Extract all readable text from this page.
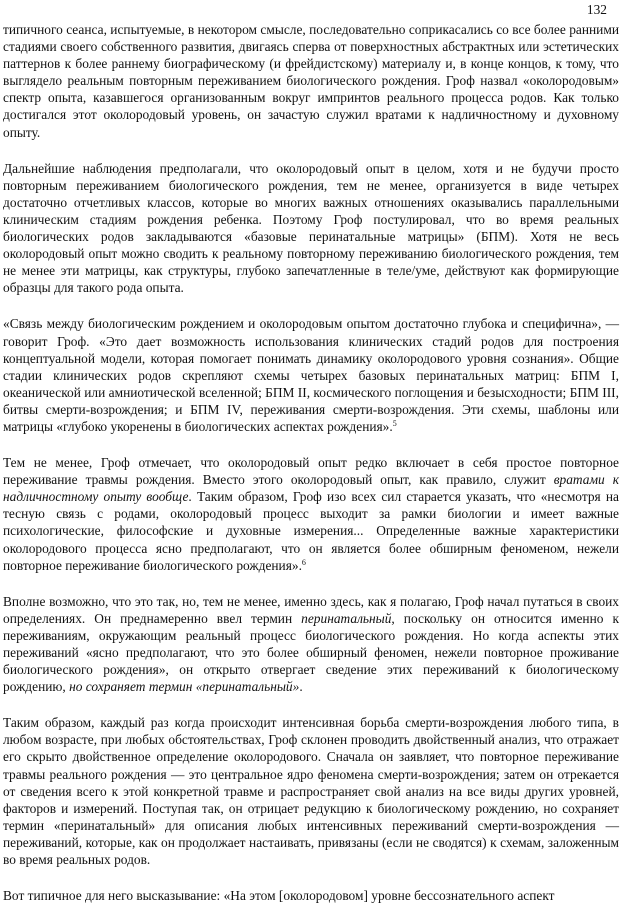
132

типичного сеанса, испытуемые, в некотором смысле, последовательно соприкасались со все более ранними стадиями своего собственного развития, двигаясь сперва от поверхностных абстрактных или эстетических паттернов к более раннему биографическому (и фрейдистскому) материалу и, в конце концов, к тому, что выглядело реальным повторным переживанием биологического рождения. Гроф назвал «околородовым» спектр опыта, казавшегося организованным вокруг импринтов реального процесса родов. Как только достигался этот околородовый уровень, он зачастую служил вратами к надличностному и духовному опыту.

Дальнейшие наблюдения предполагали, что околородовый опыт в целом, хотя и не будучи просто повторным переживанием биологического рождения, тем не менее, организуется в виде четырех достаточно отчетливых классов, которые во многих важных отношениях оказывались параллельными клиническим стадиям рождения ребенка. Поэтому Гроф постулировал, что во время реальных биологических родов закладываются «базовые перинатальные матрицы» (БПМ). Хотя не весь околородовый опыт можно сводить к реальному повторному переживанию биологического рождения, тем не менее эти матрицы, как структуры, глубоко запечатленные в теле/уме, действуют как формирующие образцы для такого рода опыта.

«Связь между биологическим рождением и околородовым опытом достаточно глубока и специфична», — говорит Гроф. «Это дает возможность использования клинических стадий родов для построения концептуальной модели, которая помогает понимать динамику околородового уровня сознания». Общие стадии клинических родов скрепляют схемы четырех базовых перинатальных матриц: БПМ I, океанической или амниотической вселенной; БПМ II, космического поглощения и безысходности; БПМ III, битвы смерти-возрождения; и БПМ IV, переживания смерти-возрождения. Эти схемы, шаблоны или матрицы «глубоко укоренены в биологических аспектах рождения».$^5$

Тем не менее, Гроф отмечает, что околородовый опыт редко включает в себя простое повторное переживание травмы рождения. Вместо этого околородовый опыт, как правило, служит вратами к надличностному опыту вообще. Таким образом, Гроф изо всех сил старается указать, что «несмотря на тесную связь с родами, околородовый процесс выходит за рамки биологии и имеет важные психологические, философские и духовные измерения... Определенные важные характеристики околородового процесса ясно предполагают, что он является более обширным феноменом, нежели повторное переживание биологического рождения».$^6$

Вполне возможно, что это так, но, тем не менее, именно здесь, как я полагаю, Гроф начал путаться в своих определениях. Он преднамеренно ввел термин перинатальный, поскольку он относится именно к переживаниям, окружающим реальный процесс биологического рождения. Но когда аспекты этих переживаний «ясно предполагают, что это более обширный феномен, нежели повторное проживание биологического рождения», он открыто отвергает сведение этих переживаний к биологическому рождению, но сохраняет термин «перинатальный».

Таким образом, каждый раз когда происходит интенсивная борьба смерти-возрождения любого типа, в любом возрасте, при любых обстоятельствах, Гроф склонен проводить двойственный анализ, что отражает его скрыто двойственное определение околородового. Сначала он заявляет, что повторное переживание травмы реального рождения — это центральное ядро феномена смерти-возрождения; затем он отрекается от сведения всего к этой конкретной травме и распространяет свой анализ на все виды других уровней, факторов и измерений. Поступая так, он отрицает редукцию к биологическому рождению, но сохраняет термин «перинатальный» для описания любых интенсивных переживаний смерти-возрождения — переживаний, которые, как он продолжает настаивать, привязаны (если не сводятся) к схемам, заложенным во время реальных родов.

Вот типичное для него высказывание: «На этом [околородовом] уровне бессознательного аспект
